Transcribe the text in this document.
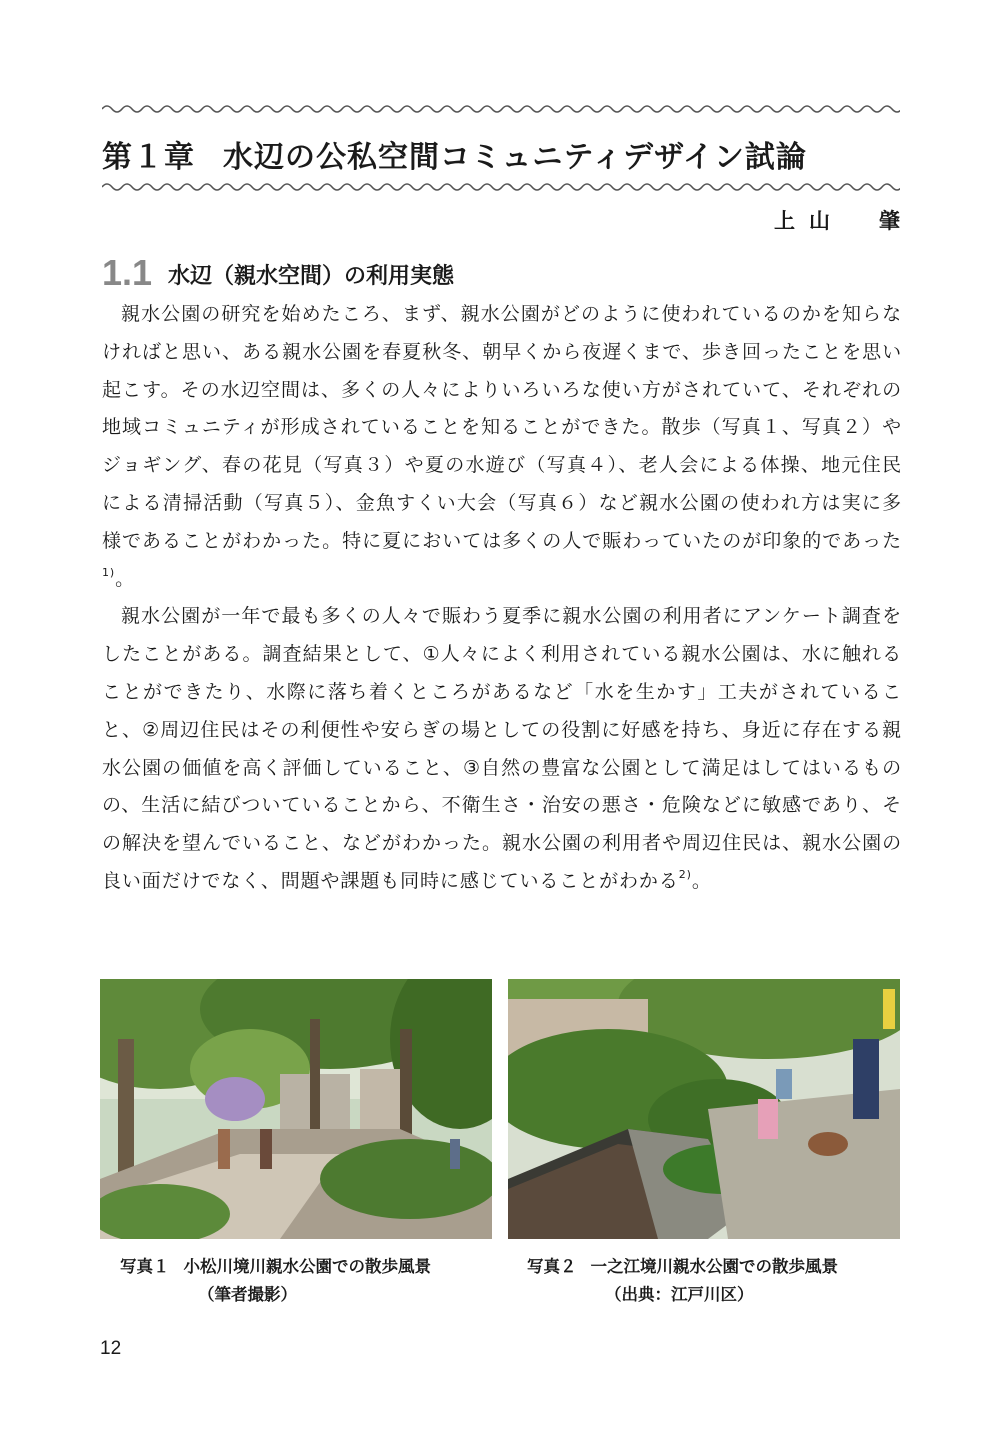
第１章 水辺の公私空間コミュニティデザイン試論
上山　肇
1.1 水辺（親水空間）の利用実態

親水公園の研究を始めたころ、まず、親水公園がどのように使われているのかを知らなければと思い、ある親水公園を春夏秋冬、朝早くから夜遅くまで、歩き回ったことを思い起こす。その水辺空間は、多くの人々によりいろいろな使い方がされていて、それぞれの地域コミュニティが形成されていることを知ることができた。散歩（写真１、写真２）やジョギング、春の花見（写真３）や夏の水遊び（写真４）、老人会による体操、地元住民による清掃活動（写真５）、金魚すくい大会（写真６）など親水公園の使われ方は実に多様であることがわかった。特に夏においては多くの人で賑わっていたのが印象的であった$^{1)}$。

親水公園が一年で最も多くの人々で賑わう夏季に親水公園の利用者にアンケート調査をしたことがある。調査結果として、①人々によく利用されている親水公園は、水に触れることができたり、水際に落ち着くところがあるなど「水を生かす」工夫がされていること、②周辺住民はその利便性や安らぎの場としての役割に好感を持ち、身近に存在する親水公園の価値を高く評価していること、③自然の豊富な公園として満足はしてはいるものの、生活に結びついていることから、不衛生さ・治安の悪さ・危険などに敏感であり、その解決を望んでいること、などがわかった。親水公園の利用者や周辺住民は、親水公園の良い面だけでなく、問題や課題も同時に感じていることがわかる$^{2)}$。

写真１ 小松川境川親水公園での散歩風景
（筆者撮影）
写真２ 一之江境川親水公園での散歩風景
（出典：江戸川区）
12
